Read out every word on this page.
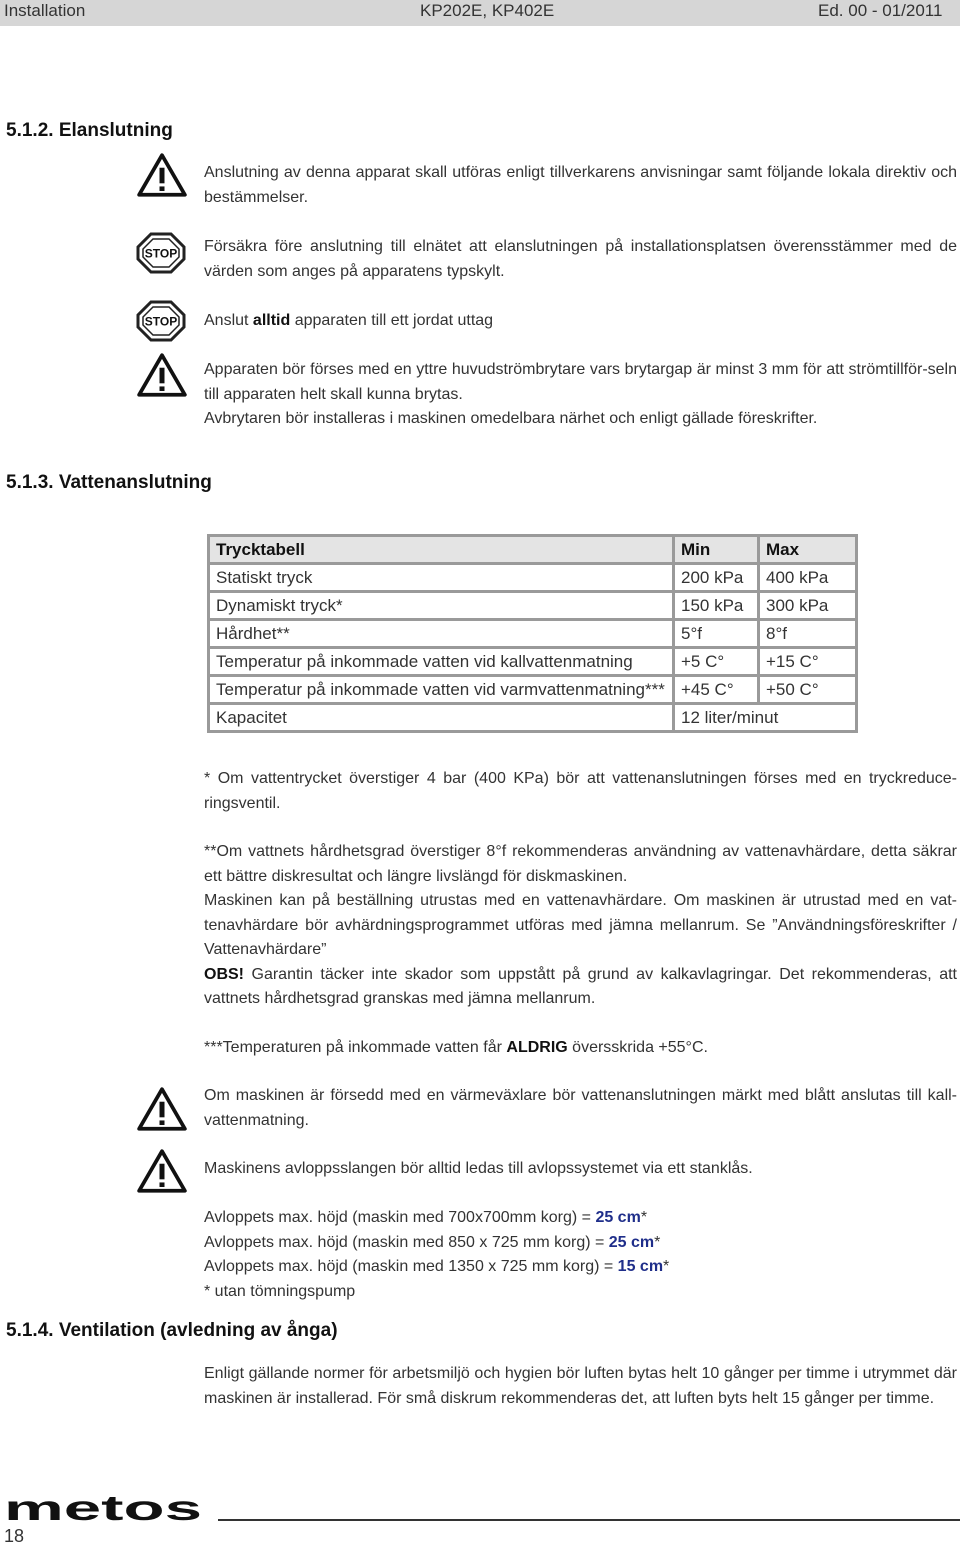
Installation	KP202E, KP402E	Ed. 00 - 01/2011
5.1.2. Elanslutning

Anslutning av denna apparat skall utföras enligt tillverkarens anvisningar samt följande lokala direktiv och bestämmelser.

Försäkra före anslutning till elnätet att elanslutningen på installationsplatsen överensstämmer med de värden som anges på apparatens typskylt.

Anslut alltid apparaten till ett jordat uttag

Apparaten bör förses med en yttre huvudströmbrytare vars brytargap är minst 3 mm för att strömtillför-seln till apparaten helt skall kunna brytas.

Avbrytaren bör installeras i maskinen omedelbara närhet och enligt gällade föreskrifter.

5.1.3. Vattenanslutning
Trycktabell	Min	Max
Statiskt tryck	200 kPa	400 kPa
Dynamiskt tryck*	150 kPa	300 kPa
Hårdhet**	5°f	8°f
Temperatur på inkommade vatten vid kallvattenmatning	+5 C°	+15 C°
Temperatur på inkommade vatten vid varmvattenmatning***	+45 C°	+50 C°
Kapacitet	12 liter/minut	

* Om vattentrycket överstiger 4 bar (400 KPa) bör att vattenanslutningen förses med en tryckreduce-ringsventil.

**Om vattnets hårdhetsgrad överstiger 8°f rekommenderas användning av vattenavhärdare, detta säkrar ett bättre diskresultat och längre livslängd för diskmaskinen.

Maskinen kan på beställning utrustas med en vattenavhärdare. Om maskinen är utrustad med en vat-tenavhärdare bör avhärdningsprogrammet utföras med jämna mellanrum. Se ”Användningsföreskrifter / Vattenavhärdare”

OBS! Garantin täcker inte skador som uppstått på grund av kalkavlagringar. Det rekommenderas, att vattnets hårdhetsgrad granskas med jämna mellanrum.

***Temperaturen på inkommade vatten får ALDRIG översskrida +55°C.

Om maskinen är försedd med en värmeväxlare bör vattenanslutningen märkt med blått anslutas till kall-vattenmatning.

Maskinens avloppsslangen bör alltid ledas till avlopssystemet via ett stanklås.

Avloppets max. höjd (maskin med 700x700mm korg) = 25 cm*

Avloppets max. höjd (maskin med 850 x 725 mm korg) = 25 cm*

Avloppets max. höjd (maskin med 1350 x 725 mm korg) = 15 cm*

* utan tömningspump

5.1.4. Ventilation (avledning av ånga)

Enligt gällande normer för arbetsmiljö och hygien bör luften bytas helt 10 gånger per timme i utrymmet där maskinen är installerad. För små diskrum rekommenderas det, att luften byts helt 15 gånger per timme.

metos
18
